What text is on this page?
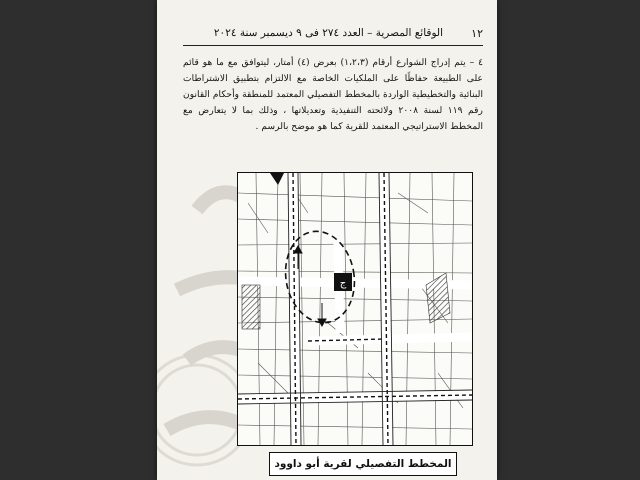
١٢
الوقائع المصرية – العدد ٢٧٤ فى ٩ ديسمبر سنة ٢٠٢٤

٤ – يتم إدراج الشوارع أرقام (١،٢،٣) بعرض (٤) أمتار، ليتوافق مع ما هو قائم على الطبيعة حفاظًا على الملكيات الخاصة مع الالتزام بتطبيق الاشتراطات البنائية والتخطيطية الواردة بالمخطط التفصيلي المعتمد للمنطقة وأحكام القانون رقم ١١٩ لسنة ٢٠٠٨ ولائحته التنفيذية وتعديلاتها ، وذلك بما لا يتعارض مع المخطط الاستراتيجي المعتمد للقرية كما هو موضح بالرسم .

ج
المخطط التفصيلي لقرية أبو داوود
